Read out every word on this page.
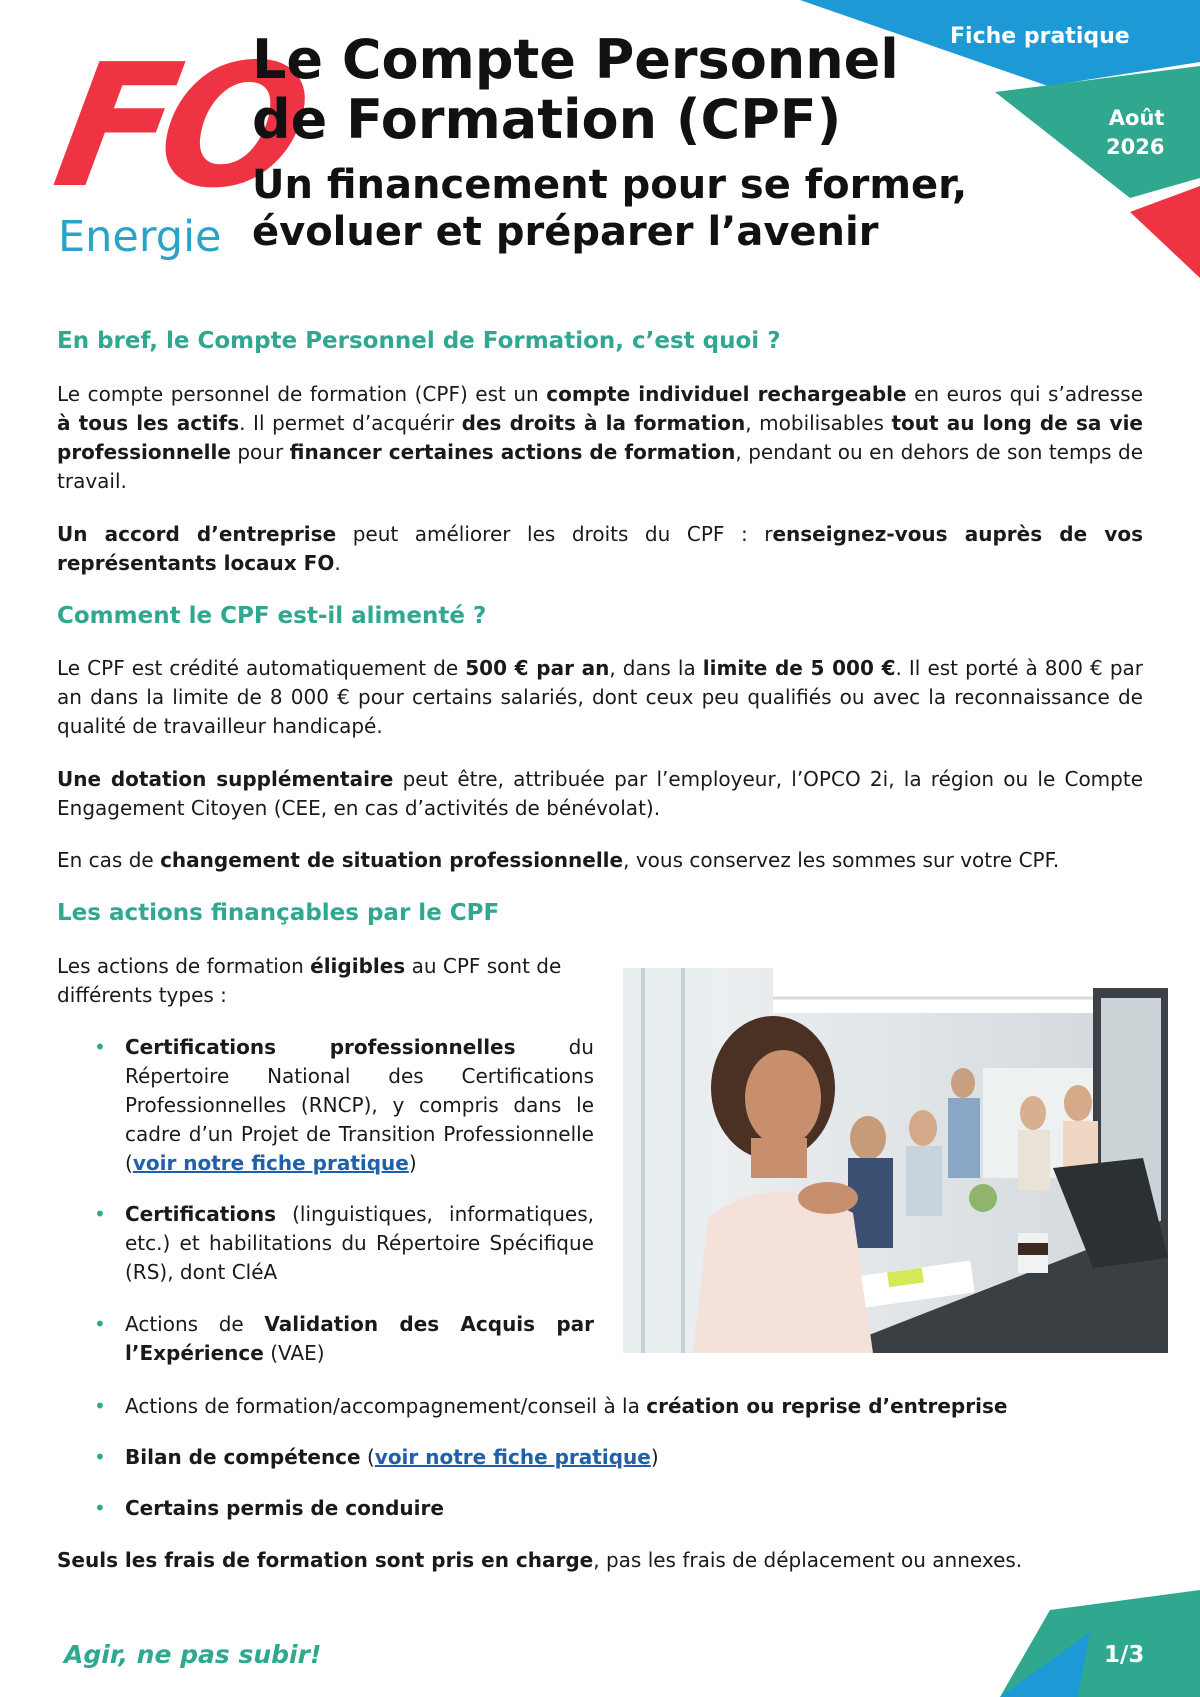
Fiche pratique
Août
2026
FO
Energie
Le Compte Personnel
de Formation (CPF)
Un financement pour se former,
évoluer et préparer l’avenir
En bref, le Compte Personnel de Formation, c’est quoi ?

Le compte personnel de formation (CPF) est un compte individuel rechargeable en euros qui s’adresse à tous les actifs. Il permet d’acquérir des droits à la formation, mobilisables tout au long de sa vie professionnelle pour financer certaines actions de formation, pendant ou en dehors de son temps de travail.

Un accord d’entreprise peut améliorer les droits du CPF : renseignez-vous auprès de vos représentants locaux FO.

Comment le CPF est-il alimenté ?

Le CPF est crédité automatiquement de 500 € par an, dans la limite de 5 000 €. Il est porté à 800 € par an dans la limite de 8 000 € pour certains salariés, dont ceux peu qualifiés ou avec la reconnaissance de qualité de travailleur handicapé.

Une dotation supplémentaire peut être, attribuée par l’employeur, l’OPCO 2i, la région ou le Compte Engagement Citoyen (CEE, en cas d’activités de bénévolat).

En cas de changement de situation professionnelle, vous conservez les sommes sur votre CPF.

Les actions finançables par le CPF

Les actions de formation éligibles au CPF sont de différents types :

• Certifications professionnelles du Répertoire National des Certifications Professionnelles (RNCP), y compris dans le cadre d’un Projet de Transition Professionnelle (voir notre fiche pratique)
• Certifications (linguistiques, informatiques, etc.) et habilitations du Répertoire Spécifique (RS), dont CléA
• Actions de Validation des Acquis par l’Expérience (VAE)
• Actions de formation/accompagnement/conseil à la création ou reprise d’entreprise
• Bilan de compétence (voir notre fiche pratique)
• Certains permis de conduire

Seuls les frais de formation sont pris en charge, pas les frais de déplacement ou annexes.

Agir, ne pas subir!	1/3
